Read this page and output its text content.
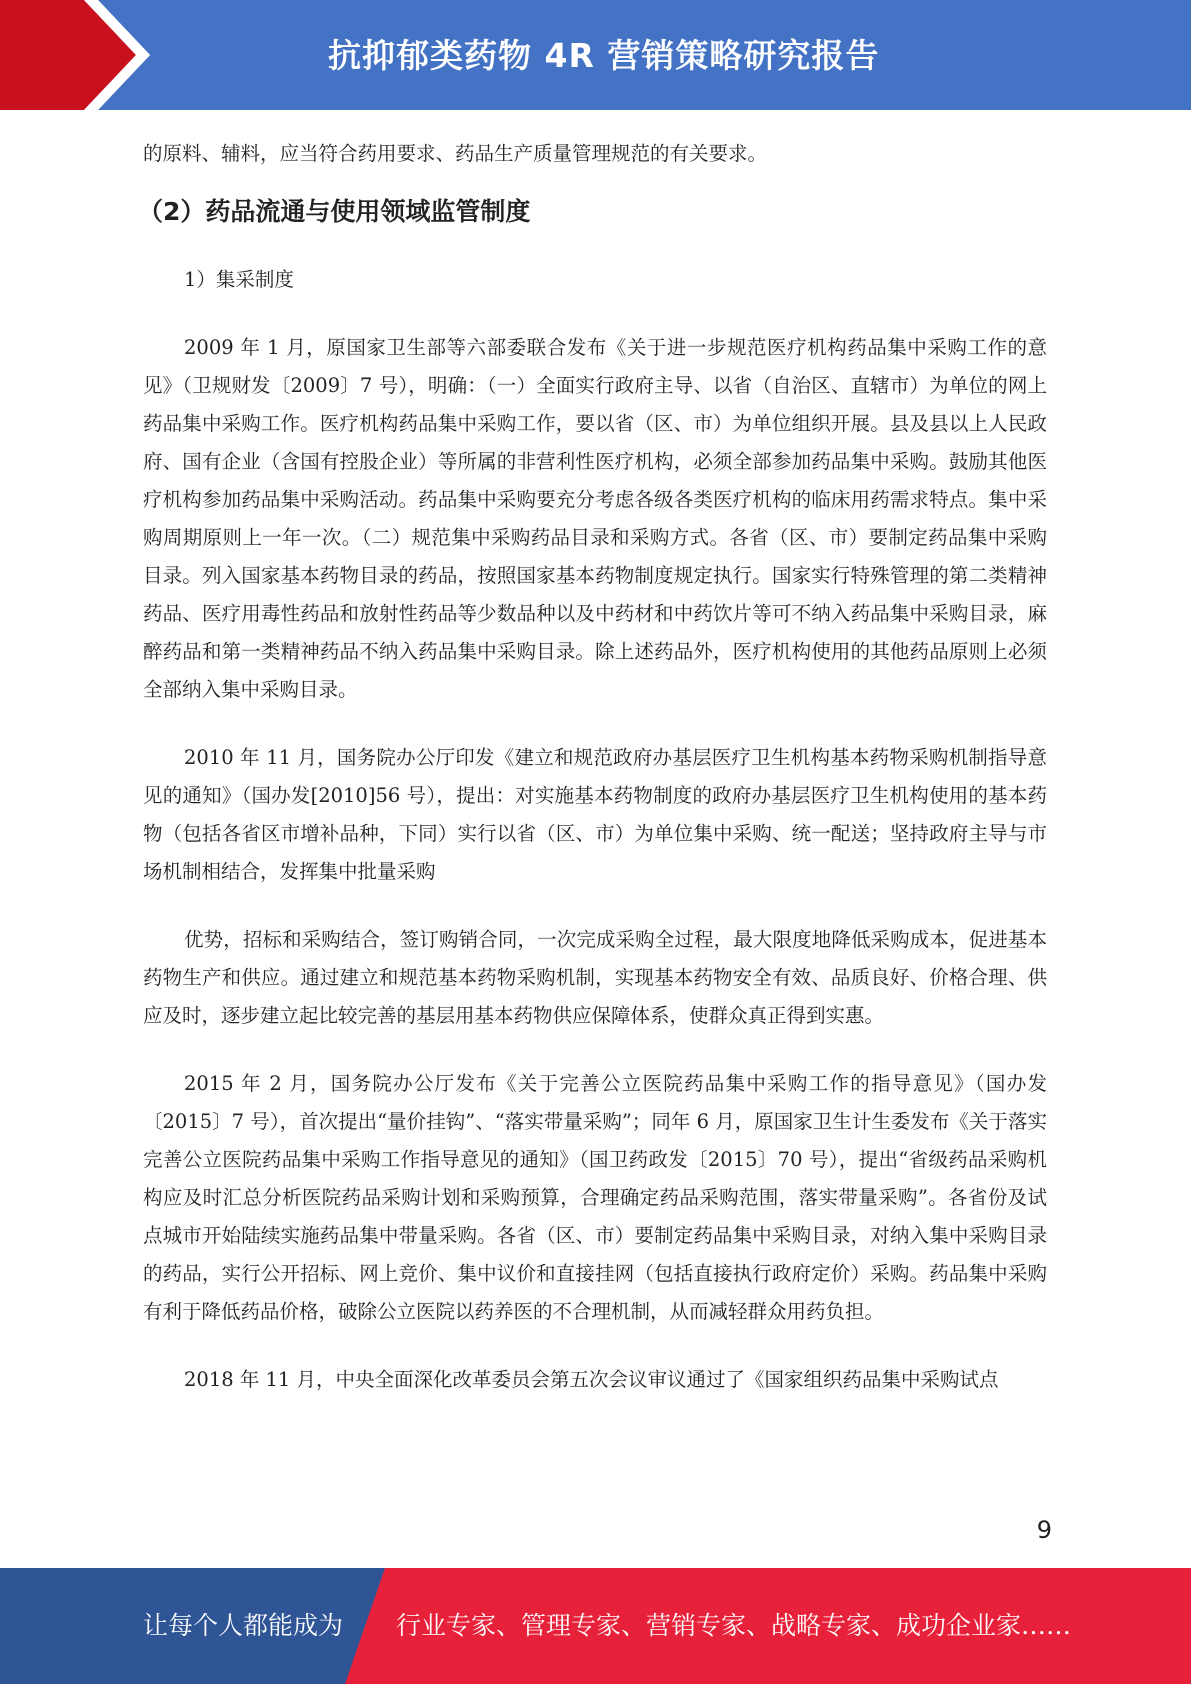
抗抑郁类药物 4R 营销策略研究报告

的原料、辅料，应当符合药用要求、药品生产质量管理规范的有关要求。

（2）药品流通与使用领域监管制度

1）集采制度

2009 年 1 月，原国家卫生部等六部委联合发布《关于进一步规范医疗机构药品集中采购工作的意见》（卫规财发〔2009〕7 号），明确：（一）全面实行政府主导、以省（自治区、直辖市）为单位的网上药品集中采购工作。医疗机构药品集中采购工作，要以省（区、市）为单位组织开展。县及县以上人民政府、国有企业（含国有控股企业）等所属的非营利性医疗机构，必须全部参加药品集中采购。鼓励其他医疗机构参加药品集中采购活动。药品集中采购要充分考虑各级各类医疗机构的临床用药需求特点。集中采购周期原则上一年一次。（二）规范集中采购药品目录和采购方式。各省（区、市）要制定药品集中采购目录。列入国家基本药物目录的药品，按照国家基本药物制度规定执行。国家实行特殊管理的第二类精神药品、医疗用毒性药品和放射性药品等少数品种以及中药材和中药饮片等可不纳入药品集中采购目录，麻醉药品和第一类精神药品不纳入药品集中采购目录。除上述药品外，医疗机构使用的其他药品原则上必须全部纳入集中采购目录。

2010 年 11 月，国务院办公厅印发《建立和规范政府办基层医疗卫生机构基本药物采购机制指导意见的通知》（国办发[2010]56 号），提出：对实施基本药物制度的政府办基层医疗卫生机构使用的基本药物（包括各省区市增补品种，下同）实行以省（区、市）为单位集中采购、统一配送；坚持政府主导与市场机制相结合，发挥集中批量采购

优势，招标和采购结合，签订购销合同，一次完成采购全过程，最大限度地降低采购成本，促进基本药物生产和供应。通过建立和规范基本药物采购机制，实现基本药物安全有效、品质良好、价格合理、供应及时，逐步建立起比较完善的基层用基本药物供应保障体系，使群众真正得到实惠。

2015 年 2 月，国务院办公厅发布《关于完善公立医院药品集中采购工作的指导意见》（国办发〔2015〕7 号），首次提出“量价挂钩”、“落实带量采购”；同年 6 月，原国家卫生计生委发布《关于落实完善公立医院药品集中采购工作指导意见的通知》（国卫药政发〔2015〕70 号），提出“省级药品采购机构应及时汇总分析医院药品采购计划和采购预算，合理确定药品采购范围，落实带量采购”。各省份及试点城市开始陆续实施药品集中带量采购。各省（区、市）要制定药品集中采购目录，对纳入集中采购目录的药品，实行公开招标、网上竞价、集中议价和直接挂网（包括直接执行政府定价）采购。药品集中采购有利于降低药品价格，破除公立医院以药养医的不合理机制，从而减轻群众用药负担。

2018 年 11 月，中央全面深化改革委员会第五次会议审议通过了《国家组织药品集中采购试点

9
让每个人都能成为 行业专家、管理专家、营销专家、战略专家、成功企业家……
